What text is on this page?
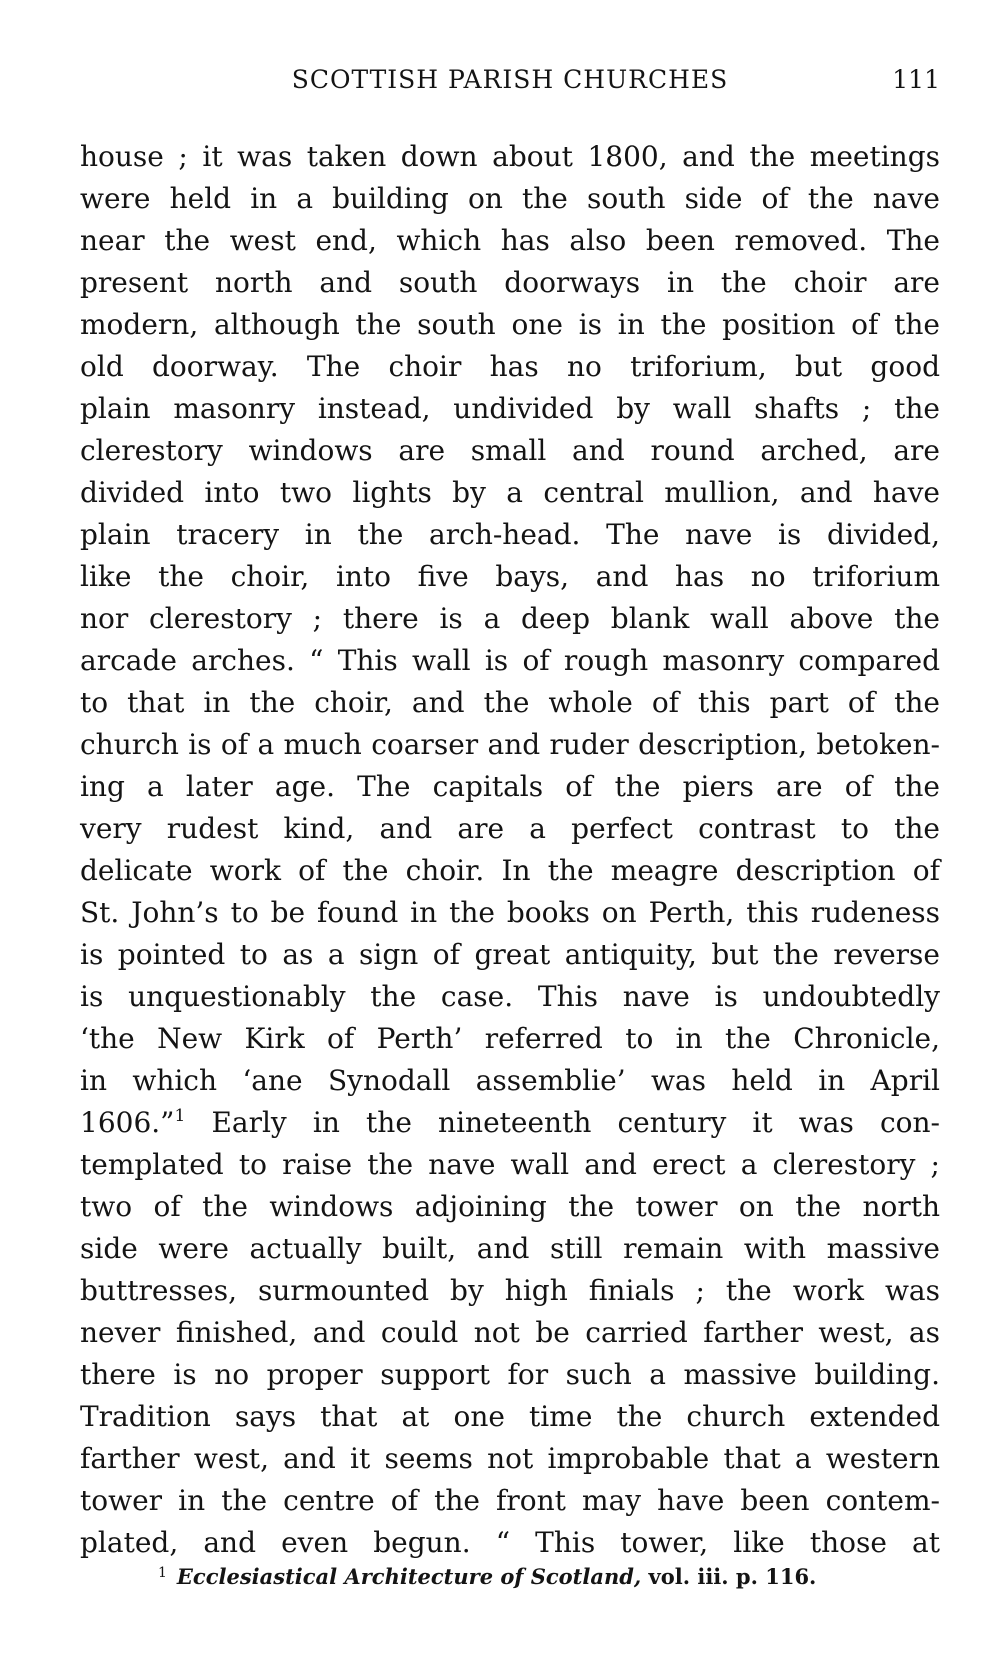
SCOTTISH PARISH CHURCHES	111
house ; it was taken down about 1800, and the meetings
were held in a building on the south side of the nave
near the west end, which has also been removed. The
present north and south doorways in the choir are
modern, although the south one is in the position of the
old doorway. The choir has no triforium, but good
plain masonry instead, undivided by wall shafts ; the
clerestory windows are small and round arched, are
divided into two lights by a central mullion, and have
plain tracery in the arch-head. The nave is divided,
like the choir, into five bays, and has no triforium
nor clerestory ; there is a deep blank wall above the
arcade arches. “ This wall is of rough masonry compared
to that in the choir, and the whole of this part of the
church is of a much coarser and ruder description, betoken-
ing a later age. The capitals of the piers are of the
very rudest kind, and are a perfect contrast to the
delicate work of the choir. In the meagre description of
St. John’s to be found in the books on Perth, this rudeness
is pointed to as a sign of great antiquity, but the reverse
is unquestionably the case. This nave is undoubtedly
‘the New Kirk of Perth’ referred to in the Chronicle,
in which ‘ane Synodall assemblie’ was held in April
1606.”$^1$ Early in the nineteenth century it was con-
templated to raise the nave wall and erect a clerestory ;
two of the windows adjoining the tower on the north
side were actually built, and still remain with massive
buttresses, surmounted by high finials ; the work was
never finished, and could not be carried farther west, as
there is no proper support for such a massive building.
Tradition says that at one time the church extended
farther west, and it seems not improbable that a western
tower in the centre of the front may have been contem-
plated, and even begun. “ This tower, like those at
$^1$ Ecclesiastical Architecture of Scotland, vol. iii. p. 116.
